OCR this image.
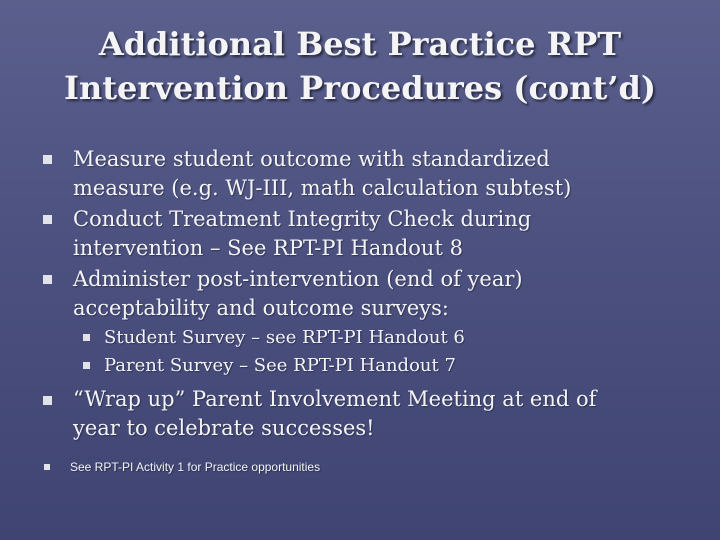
Additional Best Practice RPT
Intervention Procedures (cont’d)
Measure student outcome with standardized
measure (e.g. WJ-III, math calculation subtest)
Conduct Treatment Integrity Check during
intervention – See RPT-PI Handout 8
Administer post-intervention (end of year)
acceptability and outcome surveys:
Student Survey – see RPT-PI Handout 6
Parent Survey – See RPT-PI Handout 7
“Wrap up” Parent Involvement Meeting at end of
year to celebrate successes!
See RPT-PI Activity 1 for Practice opportunities
